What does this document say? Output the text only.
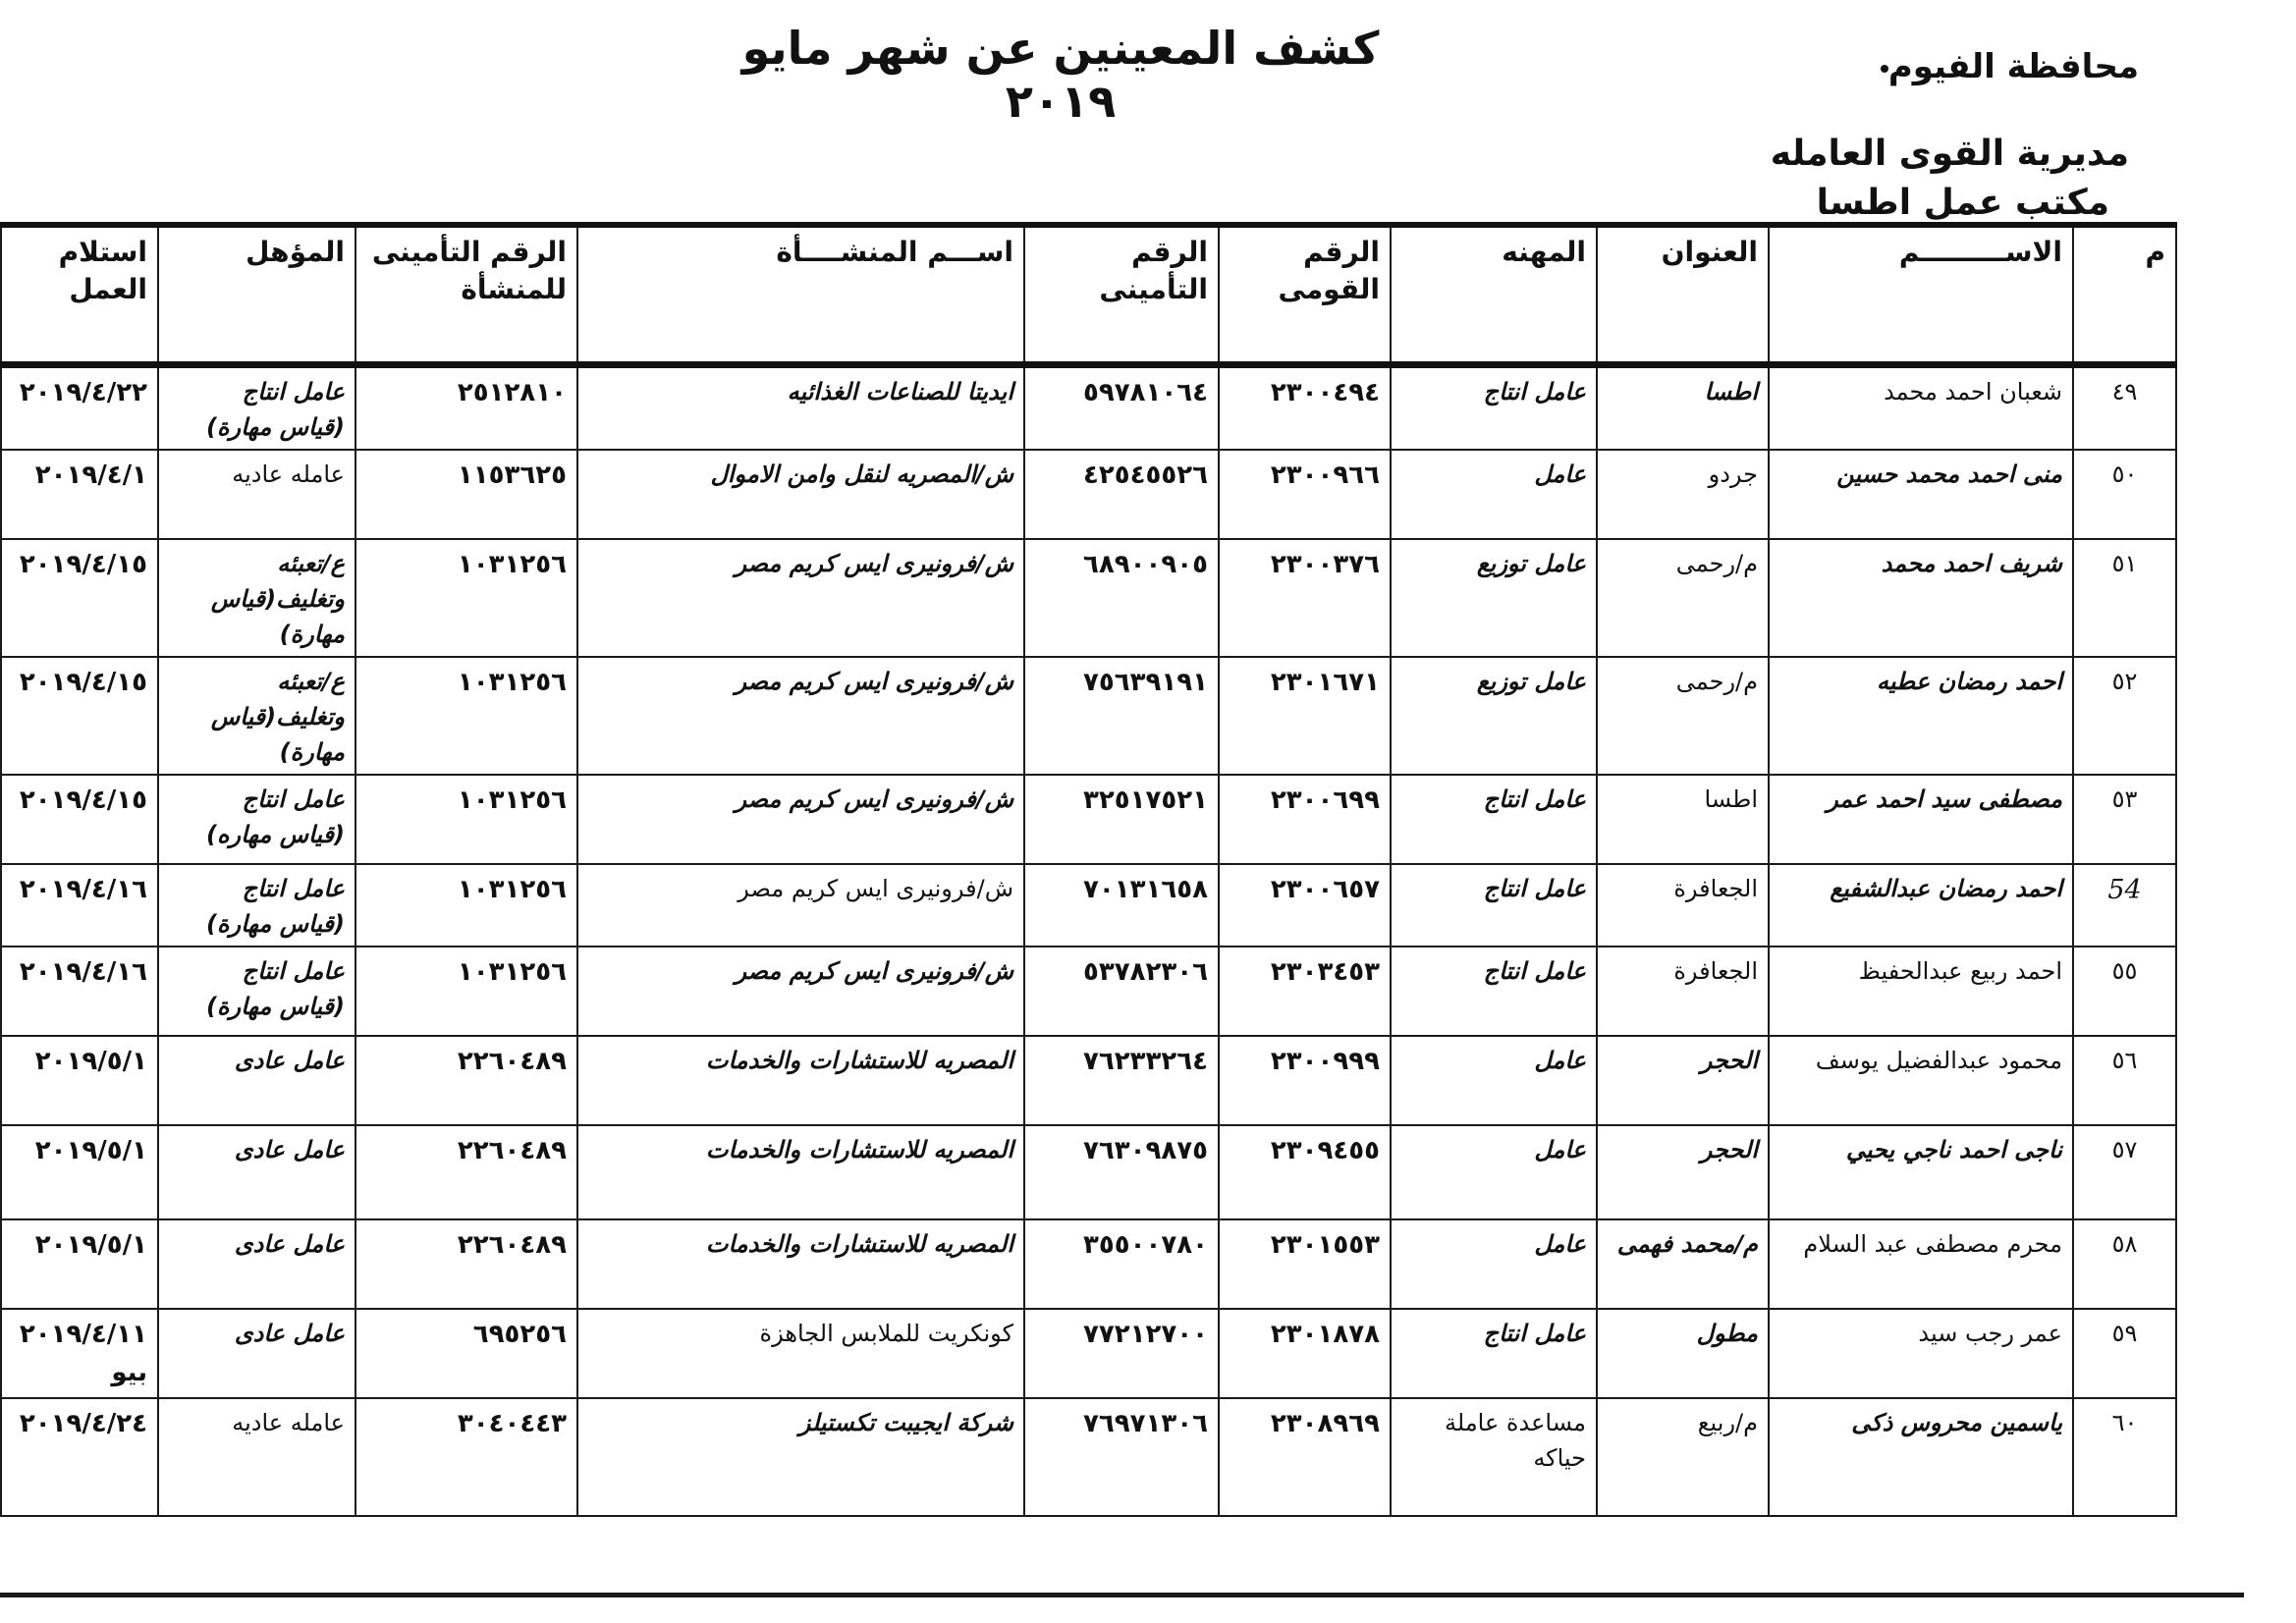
كشف المعينين عن شهر مايو ٢٠١٩
محافظة الفيوم
مديرية القوى العامله
مكتب عمل اطسا
م	الاســـــــــم	العنوان	المهنه	الرقم القومى	الرقم التأمينى	اســـم المنشــــأة	الرقم التأمينى للمنشأة	المؤهل	استلام العمل
٤٩	شعبان احمد محمد	اطسا	عامل انتاج	٢٣٠٠٤٩٤	٥٩٧٨١٠٦٤	ايديتا للصناعات الغذائيه	٢٥١٢٨١٠	عامل انتاج (قياس مهارة)	٢٠١٩/٤/٢٢
٥٠	منى احمد محمد حسين	جردو	عامل	٢٣٠٠٩٦٦	٤٢٥٤٥٥٢٦	ش/المصريه لنقل وامن الاموال	١١٥٣٦٢٥	عامله عاديه	٢٠١٩/٤/١
٥١	شريف احمد محمد	م/رحمى	عامل توزيع	٢٣٠٠٣٧٦	٦٨٩٠٠٩٠٥	ش/فرونيرى ايس كريم مصر	١٠٣١٢٥٦	ع/تعبئه وتغليف(قياس مهارة)	٢٠١٩/٤/١٥
٥٢	احمد رمضان عطيه	م/رحمى	عامل توزيع	٢٣٠١٦٧١	٧٥٦٣٩١٩١	ش/فرونيرى ايس كريم مصر	١٠٣١٢٥٦	ع/تعبئه وتغليف(قياس مهارة)	٢٠١٩/٤/١٥
٥٣	مصطفى سيد احمد عمر	اطسا	عامل انتاج	٢٣٠٠٦٩٩	٣٢٥١٧٥٢١	ش/فرونيرى ايس كريم مصر	١٠٣١٢٥٦	عامل انتاج (قياس مهاره)	٢٠١٩/٤/١٥
54	احمد رمضان عبدالشفيع	الجعافرة	عامل انتاج	٢٣٠٠٦٥٧	٧٠١٣١٦٥٨	ش/فرونيرى ايس كريم مصر	١٠٣١٢٥٦	عامل انتاج (قياس مهارة)	٢٠١٩/٤/١٦
٥٥	احمد ربيع عبدالحفيظ	الجعافرة	عامل انتاج	٢٣٠٣٤٥٣	٥٣٧٨٢٣٠٦	ش/فرونيرى ايس كريم مصر	١٠٣١٢٥٦	عامل انتاج (قياس مهارة)	٢٠١٩/٤/١٦
٥٦	محمود عبدالفضيل يوسف	الحجر	عامل	٢٣٠٠٩٩٩	٧٦٢٣٣٢٦٤	المصريه للاستشارات والخدمات	٢٢٦٠٤٨٩	عامل عادى	٢٠١٩/٥/١
٥٧	ناجى احمد ناجي يحيي	الحجر	عامل	٢٣٠٩٤٥٥	٧٦٣٠٩٨٧٥	المصريه للاستشارات والخدمات	٢٢٦٠٤٨٩	عامل عادى	٢٠١٩/٥/١
٥٨	محرم مصطفى عبد السلام	م/محمد فهمى	عامل	٢٣٠١٥٥٣	٣٥٥٠٠٧٨٠	المصريه للاستشارات والخدمات	٢٢٦٠٤٨٩	عامل عادى	٢٠١٩/٥/١
٥٩	عمر رجب سيد	مطول	عامل انتاج	٢٣٠١٨٧٨	٧٧٢١٢٧٠٠	كونكريت للملابس الجاهزة	٦٩٥٢٥٦	عامل عادى	٢٠١٩/٤/١١ بيو
٦٠	ياسمين محروس ذكى	م/ربيع	مساعدة عاملة حياكه	٢٣٠٨٩٦٩	٧٦٩٧١٣٠٦	شركة ايجيبت تكستيلز	٣٠٤٠٤٤٣	عامله عاديه	٢٠١٩/٤/٢٤
